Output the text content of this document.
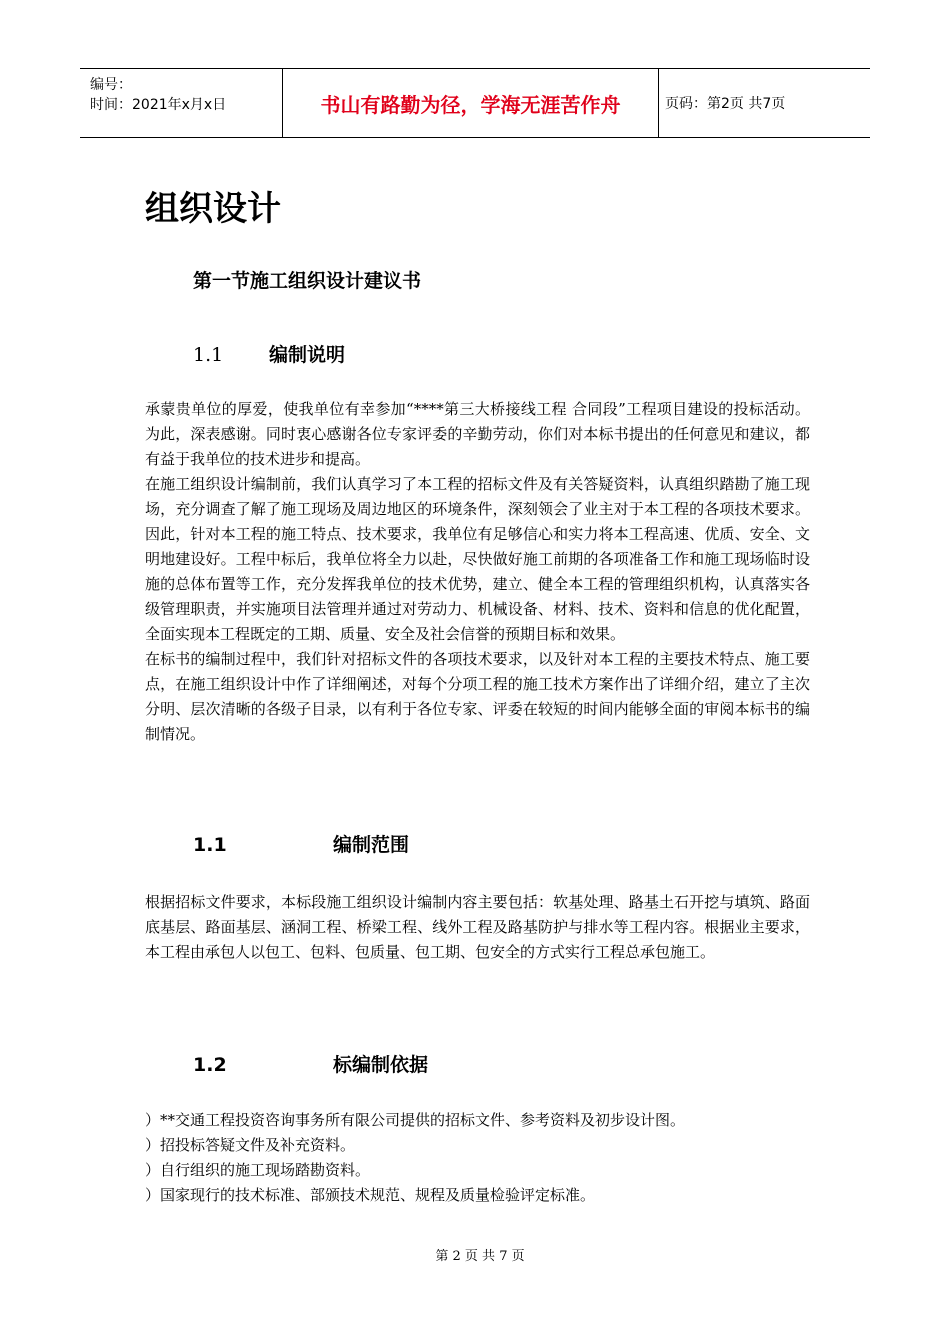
编号：
时间：2021年x月x日	书山有路勤为径，学海无涯苦作舟	页码：第2页 共7页
组织设计
第一节施工组织设计建议书
1.1 编制说明

承蒙贵单位的厚爱，使我单位有幸参加“****第三大桥接线工程 合同段”工程项目建设的投标活动。为此，深表感谢。同时衷心感谢各位专家评委的辛勤劳动，你们对本标书提出的任何意见和建议，都有益于我单位的技术进步和提高。

在施工组织设计编制前，我们认真学习了本工程的招标文件及有关答疑资料，认真组织踏勘了施工现场，充分调查了解了施工现场及周边地区的环境条件，深刻领会了业主对于本工程的各项技术要求。因此，针对本工程的施工特点、技术要求，我单位有足够信心和实力将本工程高速、优质、安全、文明地建设好。工程中标后，我单位将全力以赴，尽快做好施工前期的各项准备工作和施工现场临时设施的总体布置等工作，充分发挥我单位的技术优势，建立、健全本工程的管理组织机构，认真落实各级管理职责，并实施项目法管理并通过对劳动力、机械设备、材料、技术、资料和信息的优化配置，全面实现本工程既定的工期、质量、安全及社会信誉的预期目标和效果。

在标书的编制过程中，我们针对招标文件的各项技术要求，以及针对本工程的主要技术特点、施工要点，在施工组织设计中作了详细阐述，对每个分项工程的施工技术方案作出了详细介绍，建立了主次分明、层次清晰的各级子目录，以有利于各位专家、评委在较短的时间内能够全面的审阅本标书的编制情况。

1.1	编制范围

根据招标文件要求，本标段施工组织设计编制内容主要包括：软基处理、路基土石开挖与填筑、路面底基层、路面基层、涵洞工程、桥梁工程、线外工程及路基防护与排水等工程内容。根据业主要求，本工程由承包人以包工、包料、包质量、包工期、包安全的方式实行工程总承包施工。

1.2	标编制依据
）**交通工程投资咨询事务所有限公司提供的招标文件、参考资料及初步设计图。
）招投标答疑文件及补充资料。
）自行组织的施工现场踏勘资料。
）国家现行的技术标准、部颁技术规范、规程及质量检验评定标准。
第 2 页 共 7 页
